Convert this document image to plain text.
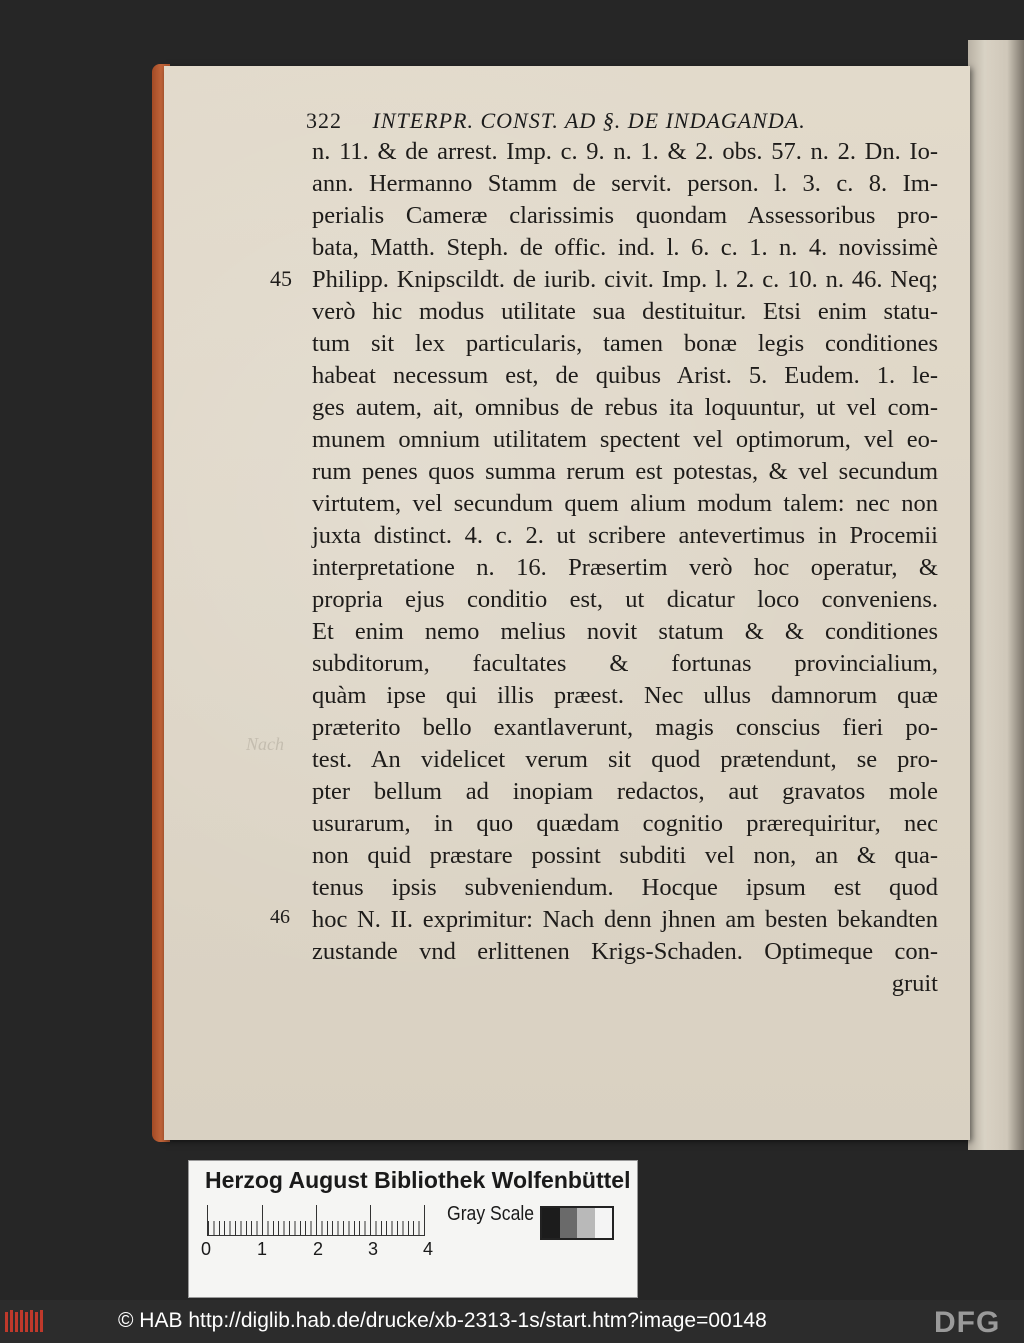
322 INTERPR. CONST. AD §. DE INDAGANDA.
Nach
45
46
n. 11. & de arrest. Imp. c. 9. n. 1. & 2. obs. 57. n. 2. Dn. Io-
ann. Hermanno Stamm de servit. person. l. 3. c. 8. Im-
perialis Cameræ clarissimis quondam Assessoribus pro-
bata, Matth. Steph. de offic. ind. l. 6. c. 1. n. 4. novissimè
Philipp. Knipscildt. de iurib. civit. Imp. l. 2. c. 10. n. 46. Neq;
verò hic modus utilitate sua destituitur. Etsi enim statu-
tum sit lex particularis, tamen bonæ legis conditiones
habeat necessum est, de quibus Arist. 5. Eudem. 1. le-
ges autem, ait, omnibus de rebus ita loquuntur, ut vel com-
munem omnium utilitatem spectent vel optimorum, vel eo-
rum penes quos summa rerum est potestas, & vel secundum
virtutem, vel secundum quem alium modum talem: nec non
juxta distinct. 4. c. 2. ut scribere antevertimus in Procemii
interpretatione n. 16. Præsertim verò hoc operatur, &
propria ejus conditio est, ut dicatur loco conveniens.
Et enim nemo melius novit statum & & conditiones
subditorum, facultates & fortunas provincialium,
quàm ipse qui illis præest. Nec ullus damnorum quæ
præterito bello exantlaverunt, magis conscius fieri po-
test. An videlicet verum sit quod prætendunt, se pro-
pter bellum ad inopiam redactos, aut gravatos mole
usurarum, in quo quædam cognitio prærequiritur, nec
non quid præstare possint subditi vel non, an & qua-
tenus ipsis subveniendum. Hocque ipsum est quod
hoc N. II. exprimitur: Nach denn jhnen am besten bekandten
zustande vnd erlittenen Krigs-Schaden. Optimeque con-
gruit
Herzog August Bibliothek Wolfenbüttel
0	1	2 3 4
Gray Scale
© HAB http://diglib.hab.de/drucke/xb-2313-1s/start.htm?image=00148	DFG
